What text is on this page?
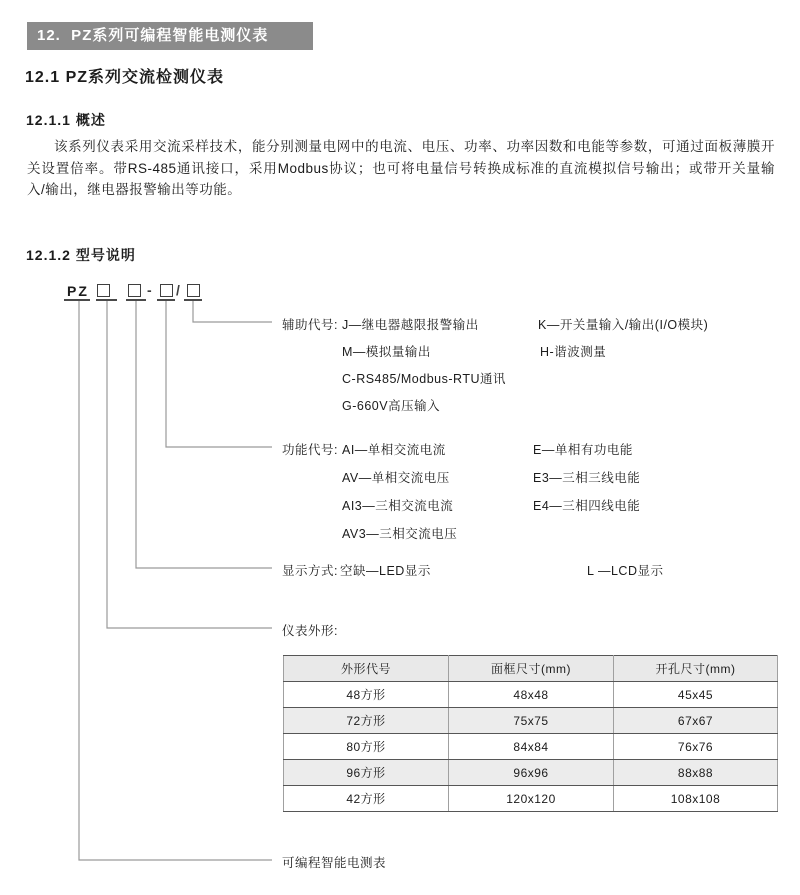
12.  PZ系列可编程智能电测仪表
12.1 PZ系列交流检测仪表
12.1.1 概述

该系列仪表采用交流采样技术，能分别测量电网中的电流、电压、功率、功率因数和电能等参数，可通过面板薄膜开关设置倍率。带RS-485通讯接口，采用Modbus协议；也可将电量信号转换成标准的直流模拟信号输出；或带开关量输入/输出，继电器报警输出等功能。

12.1.2 型号说明
PZ	- /
辅助代号: J—继电器越限报警输出	K—开关量输入/输出(I/O模块)
M—模拟量输出	H-谐波测量
C-RS485/Modbus-RTU通讯
G-660V高压输入
功能代号: AI—单相交流电流	E—单相有功电能
AV—单相交流电压	E3—三相三线电能
AI3—三相交流电流	E4—三相四线电能
AV3—三相交流电压
显示方式:
空缺—LED显示	L —LCD显示
仪表外形:
外形代号	面框尺寸(mm)	开孔尺寸(mm)
48方形	48x48	45x45
72方形	75x75	67x67
80方形	84x84	76x76
96方形	96x96	88x88
42方形	120x120	108x108
可编程智能电测表
